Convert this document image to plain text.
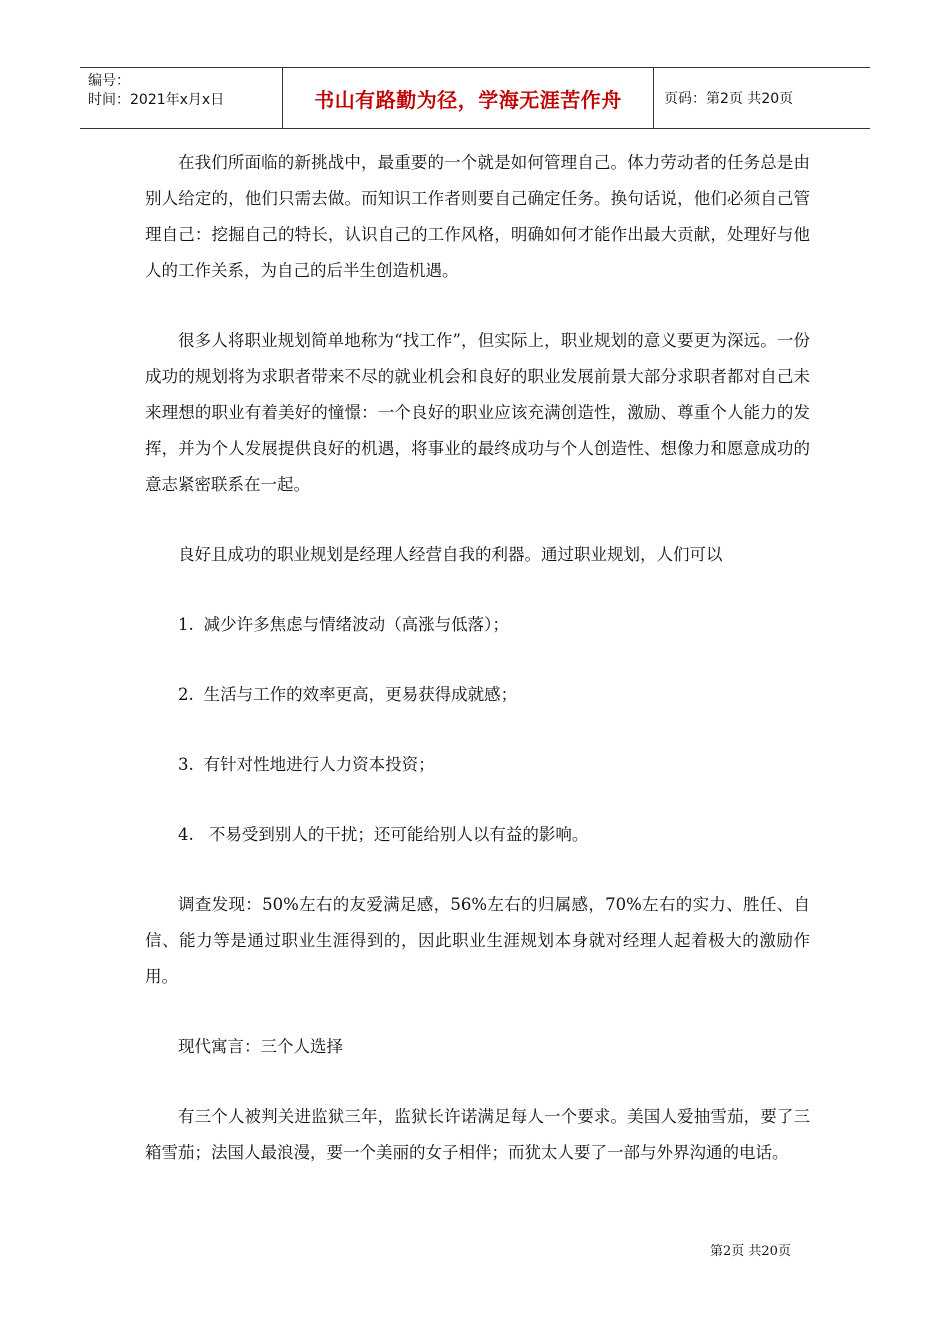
编号：
时间：2021年x月x日	书山有路勤为径，学海无涯苦作舟	页码：第2页 共20页

在我们所面临的新挑战中，最重要的一个就是如何管理自己。体力劳动者的任务总是由别人给定的，他们只需去做。而知识工作者则要自己确定任务。换句话说，他们必须自己管理自己：挖掘自己的特长，认识自己的工作风格，明确如何才能作出最大贡献，处理好与他人的工作关系，为自己的后半生创造机遇。

很多人将职业规划简单地称为“找工作”，但实际上，职业规划的意义要更为深远。一份成功的规划将为求职者带来不尽的就业机会和良好的职业发展前景大部分求职者都对自己未来理想的职业有着美好的憧憬：一个良好的职业应该充满创造性，激励、尊重个人能力的发挥，并为个人发展提供良好的机遇，将事业的最终成功与个人创造性、想像力和愿意成功的意志紧密联系在一起。

良好且成功的职业规划是经理人经营自我的利器。通过职业规划，人们可以

1. 减少许多焦虑与情绪波动（高涨与低落）；
2. 生活与工作的效率更高，更易获得成就感；
3. 有针对性地进行人力资本投资；
4. 不易受到别人的干扰；还可能给别人以有益的影响。

调查发现：50%左右的友爱满足感，56%左右的归属感，70%左右的实力、胜任、自信、能力等是通过职业生涯得到的，因此职业生涯规划本身就对经理人起着极大的激励作用。

现代寓言：三个人选择

有三个人被判关进监狱三年，监狱长许诺满足每人一个要求。美国人爱抽雪茄，要了三箱雪茄；法国人最浪漫，要一个美丽的女子相伴；而犹太人要了一部与外界沟通的电话。

第2页 共20页
